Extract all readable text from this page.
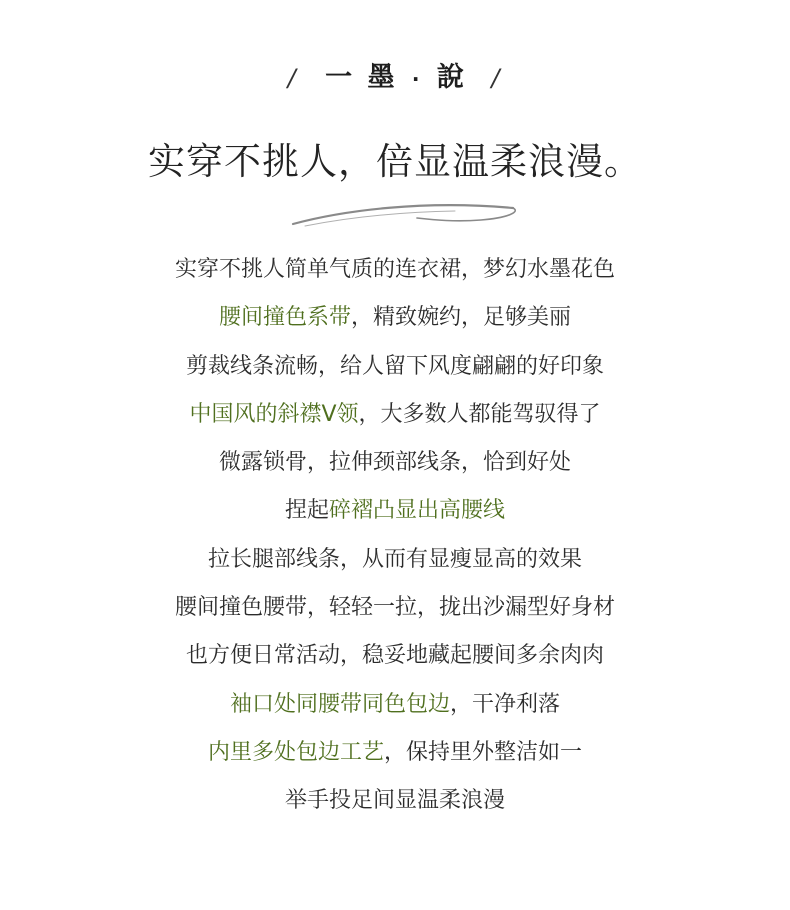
/ 一 墨 · 說 /
实穿不挑人，倍显温柔浪漫。
实穿不挑人简单气质的连衣裙，梦幻水墨花色
腰间撞色系带，精致婉约，足够美丽
剪裁线条流畅，给人留下风度翩翩的好印象
中国风的斜襟V领，大多数人都能驾驭得了
微露锁骨，拉伸颈部线条，恰到好处
捏起碎褶凸显出高腰线
拉长腿部线条，从而有显瘦显高的效果
腰间撞色腰带，轻轻一拉，拢出沙漏型好身材
也方便日常活动，稳妥地藏起腰间多余肉肉
袖口处同腰带同色包边，干净利落
内里多处包边工艺，保持里外整洁如一
举手投足间显温柔浪漫
